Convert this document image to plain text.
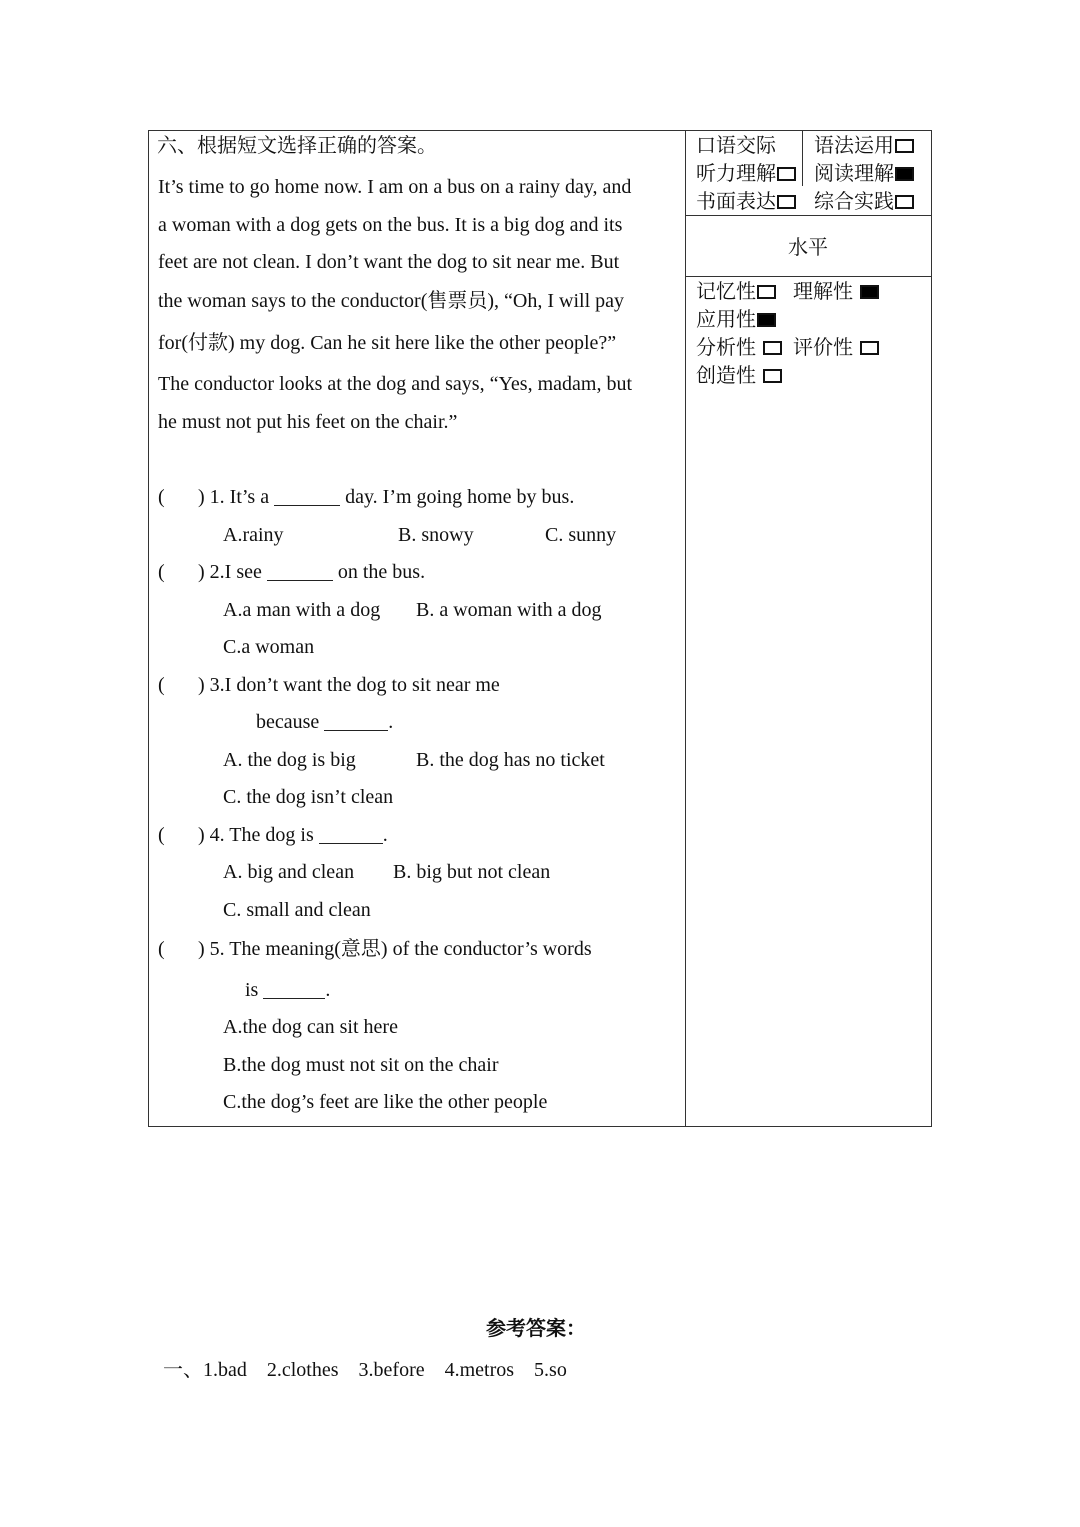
六、根据短文选择正确的答案。
It’s time to go home now. I am on a bus on a rainy day, and
a woman with a dog gets on the bus. It is a big dog and its
feet are not clean. I don’t want the dog to sit near me. But
the woman says to the conductor(售票员), “Oh, I will pay
for(付款) my dog. Can he sit here like the other people?”
The conductor looks at the dog and says, “Yes, madam, but
he must not put his feet on the chair.”
( ) 1. It’s a	day. I’m going home by bus.
A.rainy	B. snowy	C. sunny
( ) 2.I see	on the bus.
A.a man with a dog B. a woman with a dog
C.a woman
( ) 3.I don’t want the dog to sit near me
because	.
A. the dog is big	B. the dog has no ticket
C. the dog isn’t clean
( ) 4. The dog is	.
A. big and clean B. big but not clean
C. small and clean
( ) 5. The meaning(意思) of the conductor’s words
is	.
A.the dog can sit here
B.the dog must not sit on the chair
C.the dog’s feet are like the other people
口语交际 语法运用
听力理解	阅读理解
书面表达	综合实践
水平
记忆性	理解性
应用性
分析性	评价性
创造性
参考答案：
一、1.bad    2.clothes    3.before    4.metros    5.so
